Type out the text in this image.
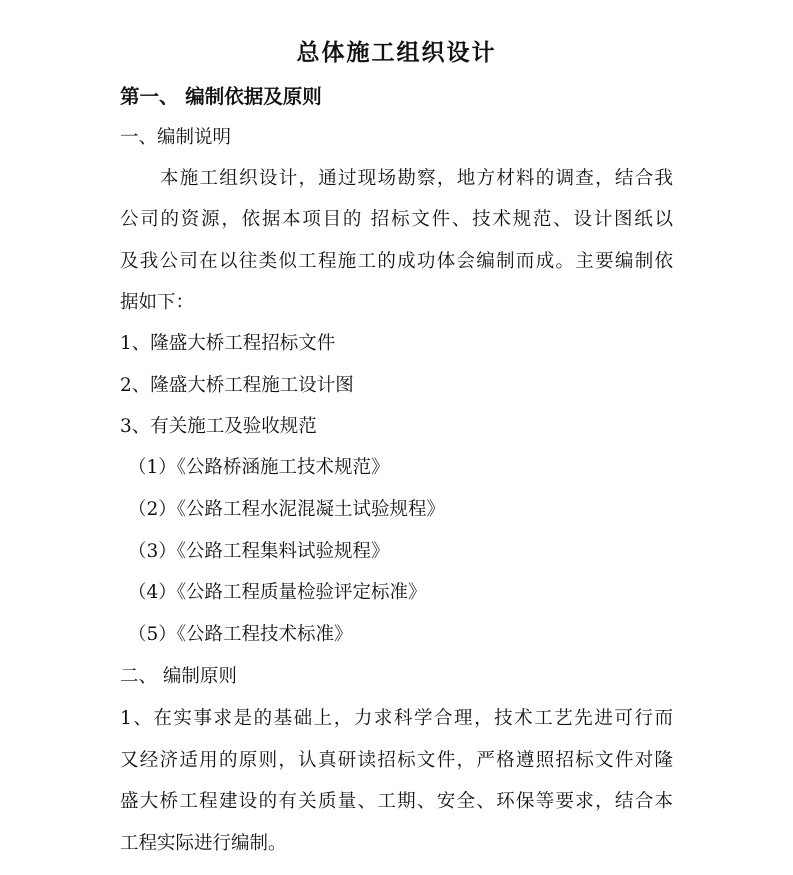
总体施工组织设计
第一、 编制依据及原则
一、编制说明
本施工组织设计，通过现场勘察，地方材料的调查，结合我
公司的资源，依据本项目的 招标文件、技术规范、设计图纸以
及我公司在以往类似工程施工的成功体会编制而成。主要编制依
据如下：
1、隆盛大桥工程招标文件
2、隆盛大桥工程施工设计图
3、有关施工及验收规范
（1）《公路桥涵施工技术规范》
（2）《公路工程水泥混凝土试验规程》
（3）《公路工程集料试验规程》
（4）《公路工程质量检验评定标准》
（5）《公路工程技术标准》
二、 编制原则
1、在实事求是的基础上，力求科学合理，技术工艺先进可行而
又经济适用的原则，认真研读招标文件，严格遵照招标文件对隆
盛大桥工程建设的有关质量、工期、安全、环保等要求，结合本
工程实际进行编制。
